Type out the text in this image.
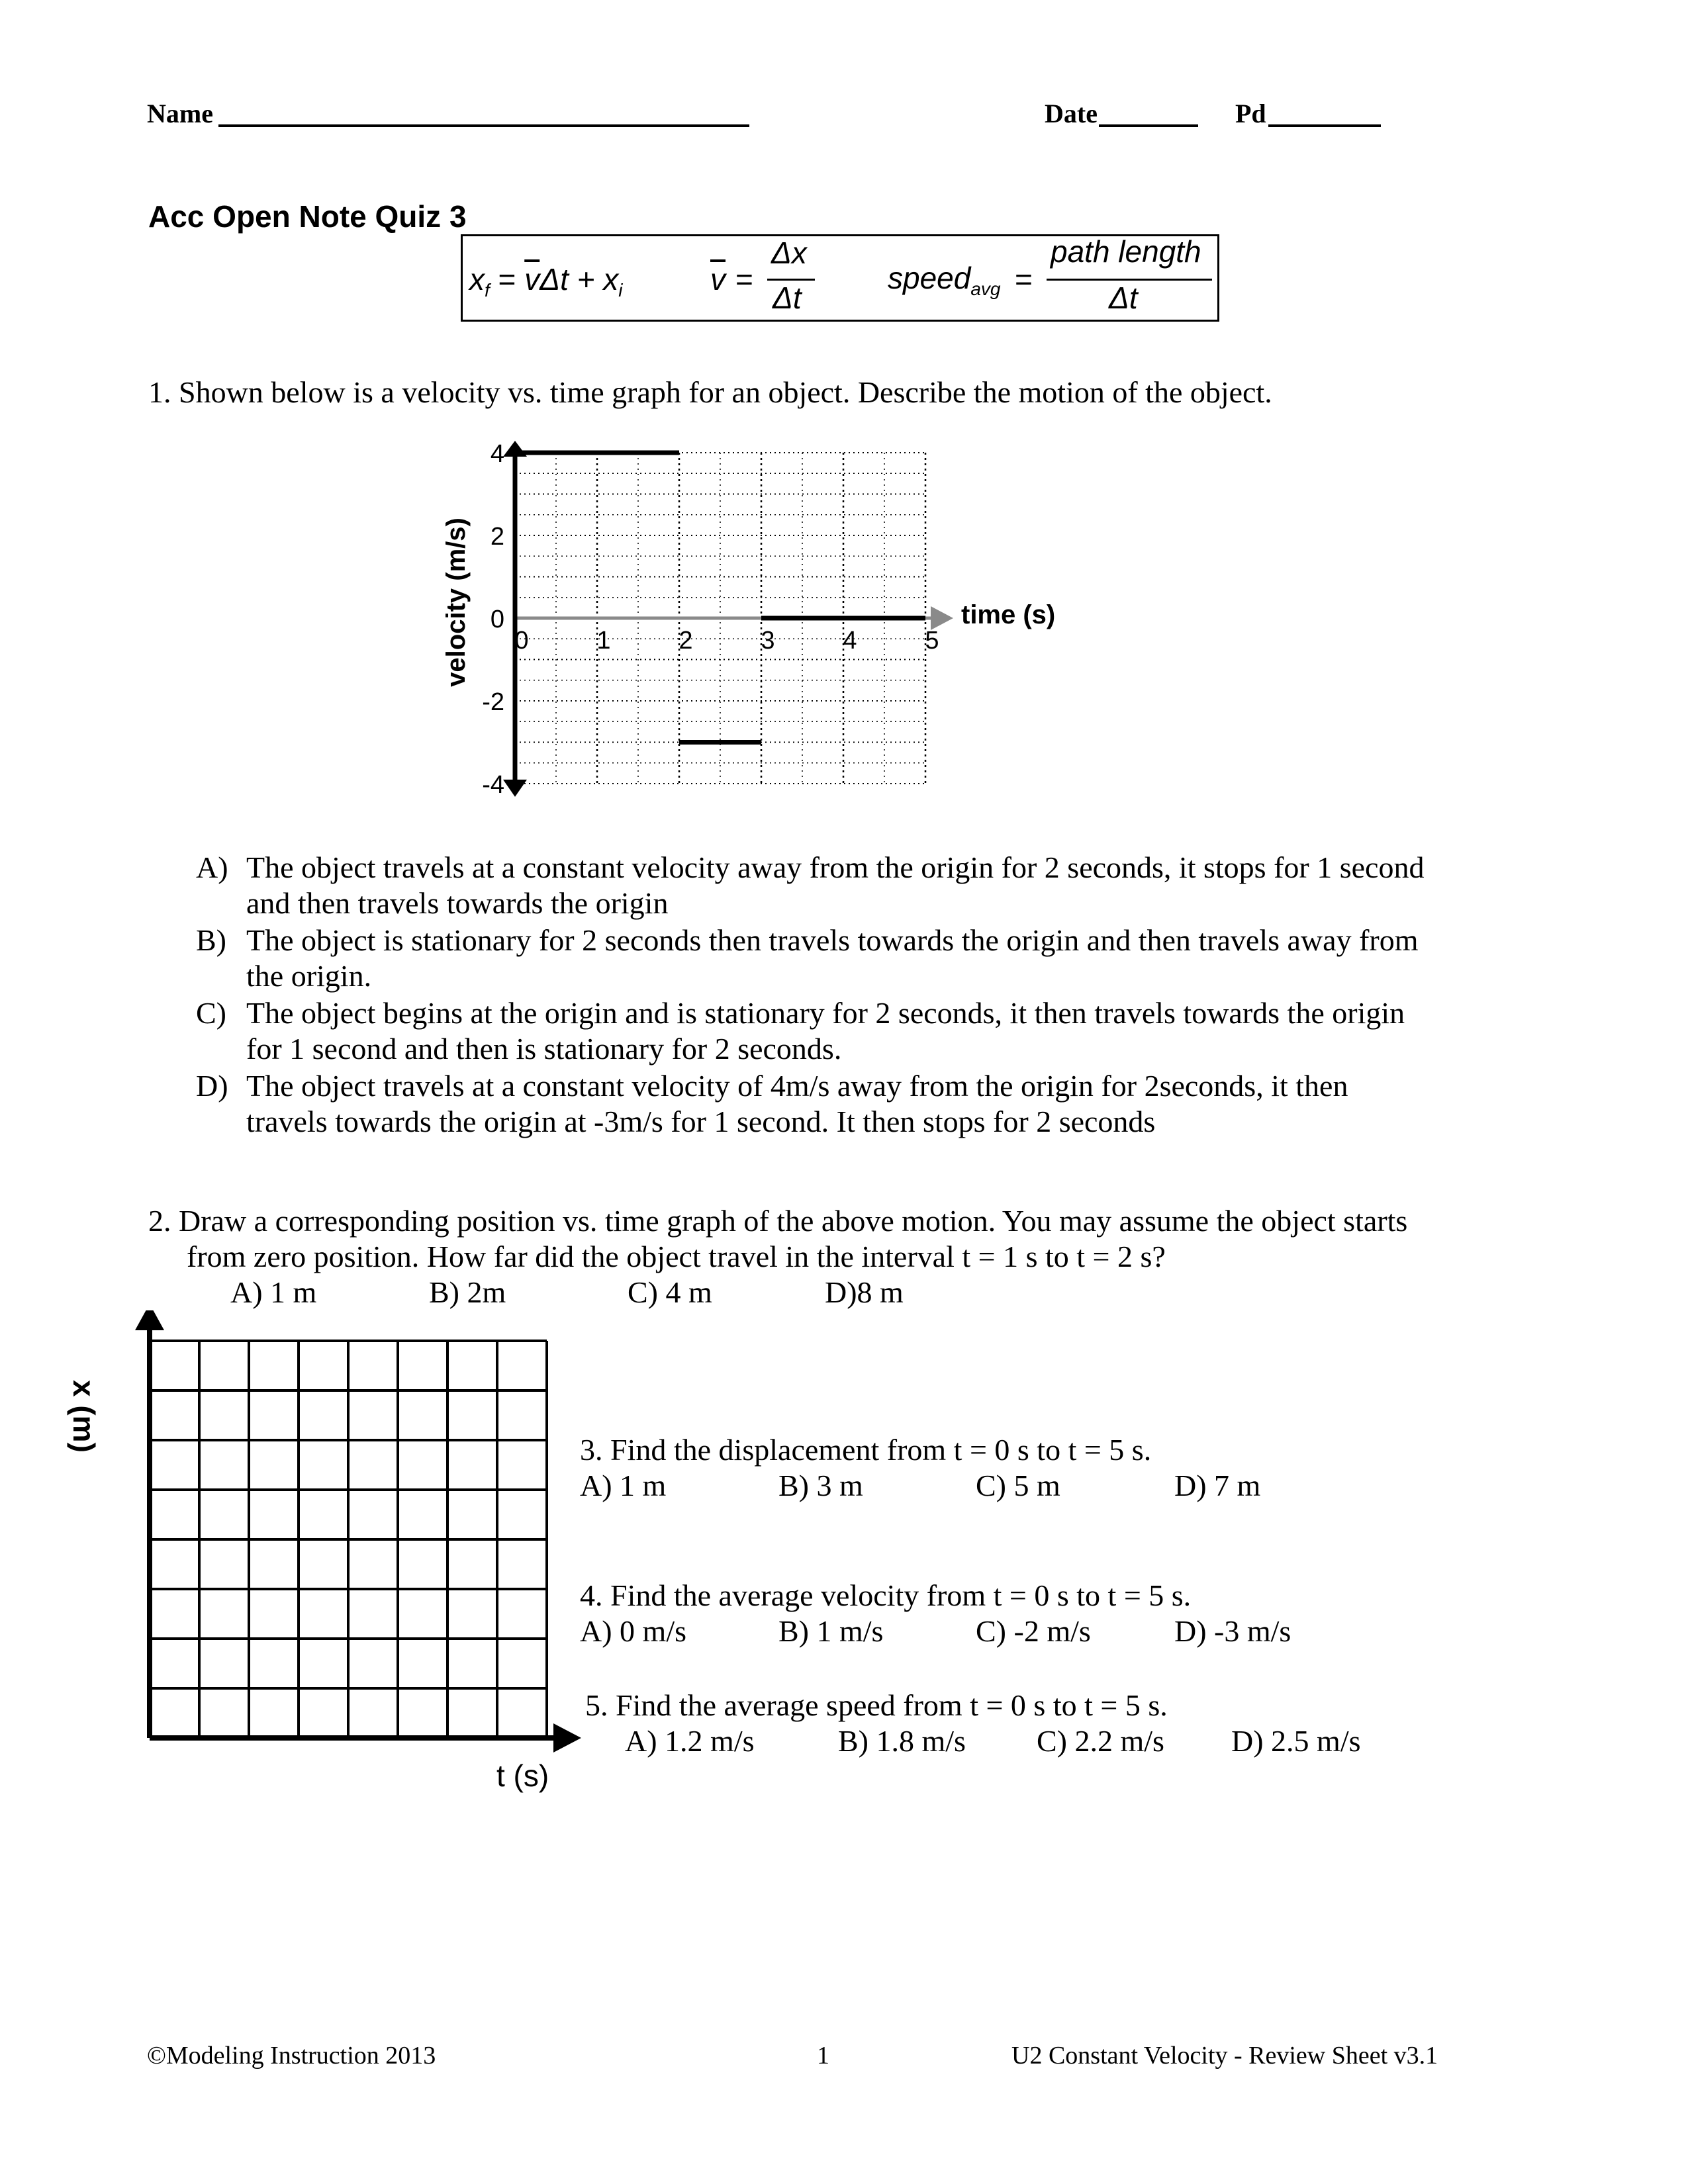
Name	Date	Pd
Acc Open Note Quiz 3
$x_f = \overline{v}\Delta t + x_i$	$\overline{v}$ =
Δx
Δt
speed$_{avg}$ =
path length
Δt
1. Shown below is a velocity vs. time graph for an object. Describe the motion of the object.
4
2
0
-2
-4
0	1	2	3	4	5
time (s)
velocity (m/s)
A) The object travels at a constant velocity away from the origin for 2 seconds, it stops for 1 second
and then travels towards the origin
B) The object is stationary for 2 seconds then travels towards the origin and then travels away from
the origin.
C) The object begins at the origin and is stationary for 2 seconds, it then travels towards the origin
for 1 second and then is stationary for 2 seconds.
D) The object travels at a constant velocity of 4m/s away from the origin for 2seconds, it then
travels towards the origin at -3m/s for 1 second. It then stops for 2 seconds
2. Draw a corresponding position vs. time graph of the above motion. You may assume the object starts
from zero position. How far did the object travel in the interval t = 1 s to t = 2 s?
A) 1 m	B) 2m	C) 4 m	D)8 m
x (m)
t (s)
3. Find the displacement from t = 0 s to t = 5 s.
A) 1 m	B) 3 m	C) 5 m	D) 7 m
4. Find the average velocity from t = 0 s to t = 5 s.
A) 0 m/s	B) 1 m/s	C) -2 m/s	D) -3 m/s
5. Find the average speed from t = 0 s to t = 5 s.
A) 1.2 m/s	B) 1.8 m/s C) 2.2 m/s D) 2.5 m/s
©Modeling Instruction 2013	1	U2 Constant Velocity - Review Sheet v3.1
